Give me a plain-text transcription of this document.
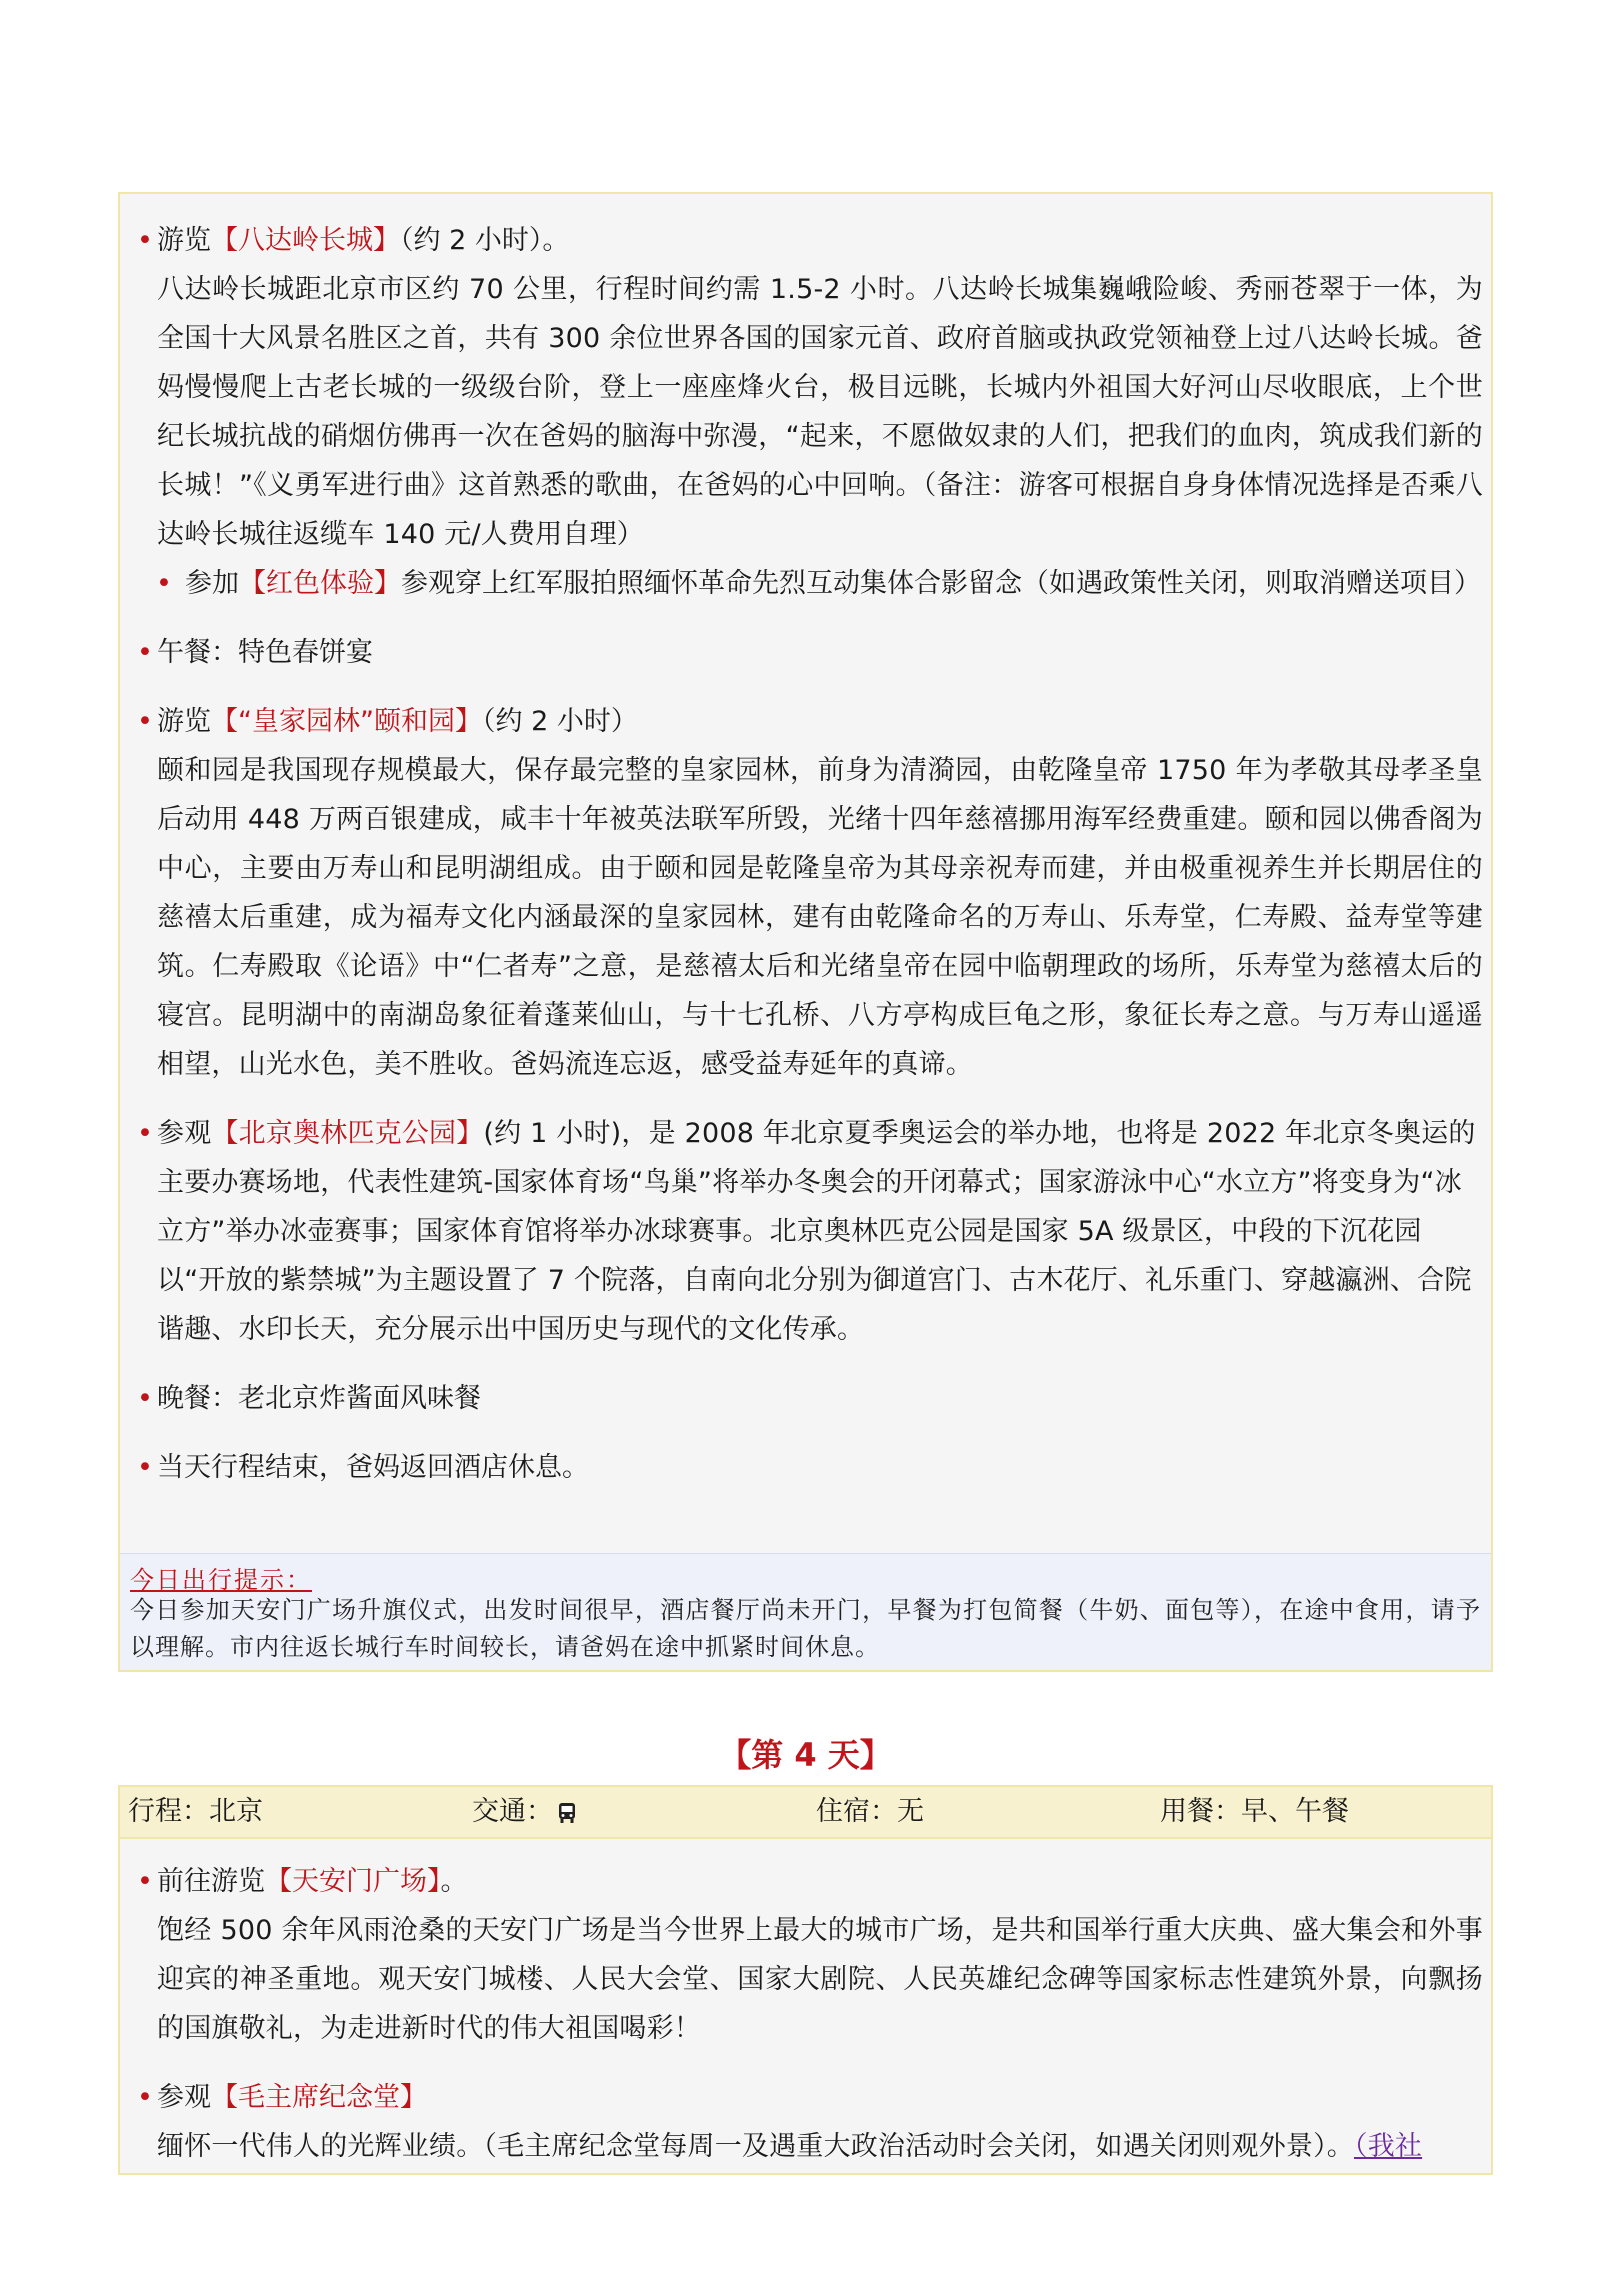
• 游览【八达岭长城】（约 2 小时）。
八达岭长城距北京市区约 70 公里，行程时间约需 1.5-2 小时。八达岭长城集巍峨险峻、秀丽苍翠于一体，为全国十大风景名胜区之首，共有 300 余位世界各国的国家元首、政府首脑或执政党领袖登上过八达岭长城。爸妈慢慢爬上古老长城的一级级台阶，登上一座座烽火台，极目远眺，长城内外祖国大好河山尽收眼底，上个世纪长城抗战的硝烟仿佛再一次在爸妈的脑海中弥漫，“起来，不愿做奴隶的人们，把我们的血肉，筑成我们新的长城！”《义勇军进行曲》这首熟悉的歌曲，在爸妈的心中回响。（备注：游客可根据自身身体情况选择是否乘八达岭长城往返缆车 140 元/人费用自理）
• 参加【红色体验】参观穿上红军服拍照缅怀革命先烈互动集体合影留念（如遇政策性关闭，则取消赠送项目）
• 午餐：特色春饼宴
• 游览【“皇家园林”颐和园】（约 2 小时）
颐和园是我国现存规模最大，保存最完整的皇家园林，前身为清漪园，由乾隆皇帝 1750 年为孝敬其母孝圣皇后动用 448 万两百银建成，咸丰十年被英法联军所毁，光绪十四年慈禧挪用海军经费重建。颐和园以佛香阁为中心，主要由万寿山和昆明湖组成。由于颐和园是乾隆皇帝为其母亲祝寿而建，并由极重视养生并长期居住的慈禧太后重建，成为福寿文化内涵最深的皇家园林，建有由乾隆命名的万寿山、乐寿堂，仁寿殿、益寿堂等建筑。仁寿殿取《论语》中“仁者寿”之意，是慈禧太后和光绪皇帝在园中临朝理政的场所，乐寿堂为慈禧太后的寝宫。昆明湖中的南湖岛象征着蓬莱仙山，与十七孔桥、八方亭构成巨龟之形，象征长寿之意。与万寿山遥遥相望，山光水色，美不胜收。爸妈流连忘返，感受益寿延年的真谛。
• 参观【北京奥林匹克公园】(约 1 小时)，是 2008 年北京夏季奥运会的举办地，也将是 2022 年北京冬奥运的主要办赛场地，代表性建筑-国家体育场“鸟巢”将举办冬奥会的开闭幕式；国家游泳中心“水立方”将变身为“冰立方”举办冰壶赛事；国家体育馆将举办冰球赛事。北京奥林匹克公园是国家 5A 级景区，中段的下沉花园以“开放的紫禁城”为主题设置了 7 个院落，自南向北分别为御道宫门、古木花厅、礼乐重门、穿越瀛洲、合院谐趣、水印长天，充分展示出中国历史与现代的文化传承。
• 晚餐：老北京炸酱面风味餐
• 当天行程结束，爸妈返回酒店休息。
今日出行提示：
今日参加天安门广场升旗仪式，出发时间很早，酒店餐厅尚未开门，早餐为打包简餐（牛奶、面包等），在途中食用，请予以理解。市内往返长城行车时间较长，请爸妈在途中抓紧时间休息。
【第 4 天】
行程：北京	交通：	住宿：无	用餐：早、午餐
• 前往游览【天安门广场】。
饱经 500 余年风雨沧桑的天安门广场是当今世界上最大的城市广场，是共和国举行重大庆典、盛大集会和外事迎宾的神圣重地。观天安门城楼、人民大会堂、国家大剧院、人民英雄纪念碑等国家标志性建筑外景，向飘扬的国旗敬礼，为走进新时代的伟大祖国喝彩！
• 参观【毛主席纪念堂】
缅怀一代伟人的光辉业绩。（毛主席纪念堂每周一及遇重大政治活动时会关闭，如遇关闭则观外景）。（我社
